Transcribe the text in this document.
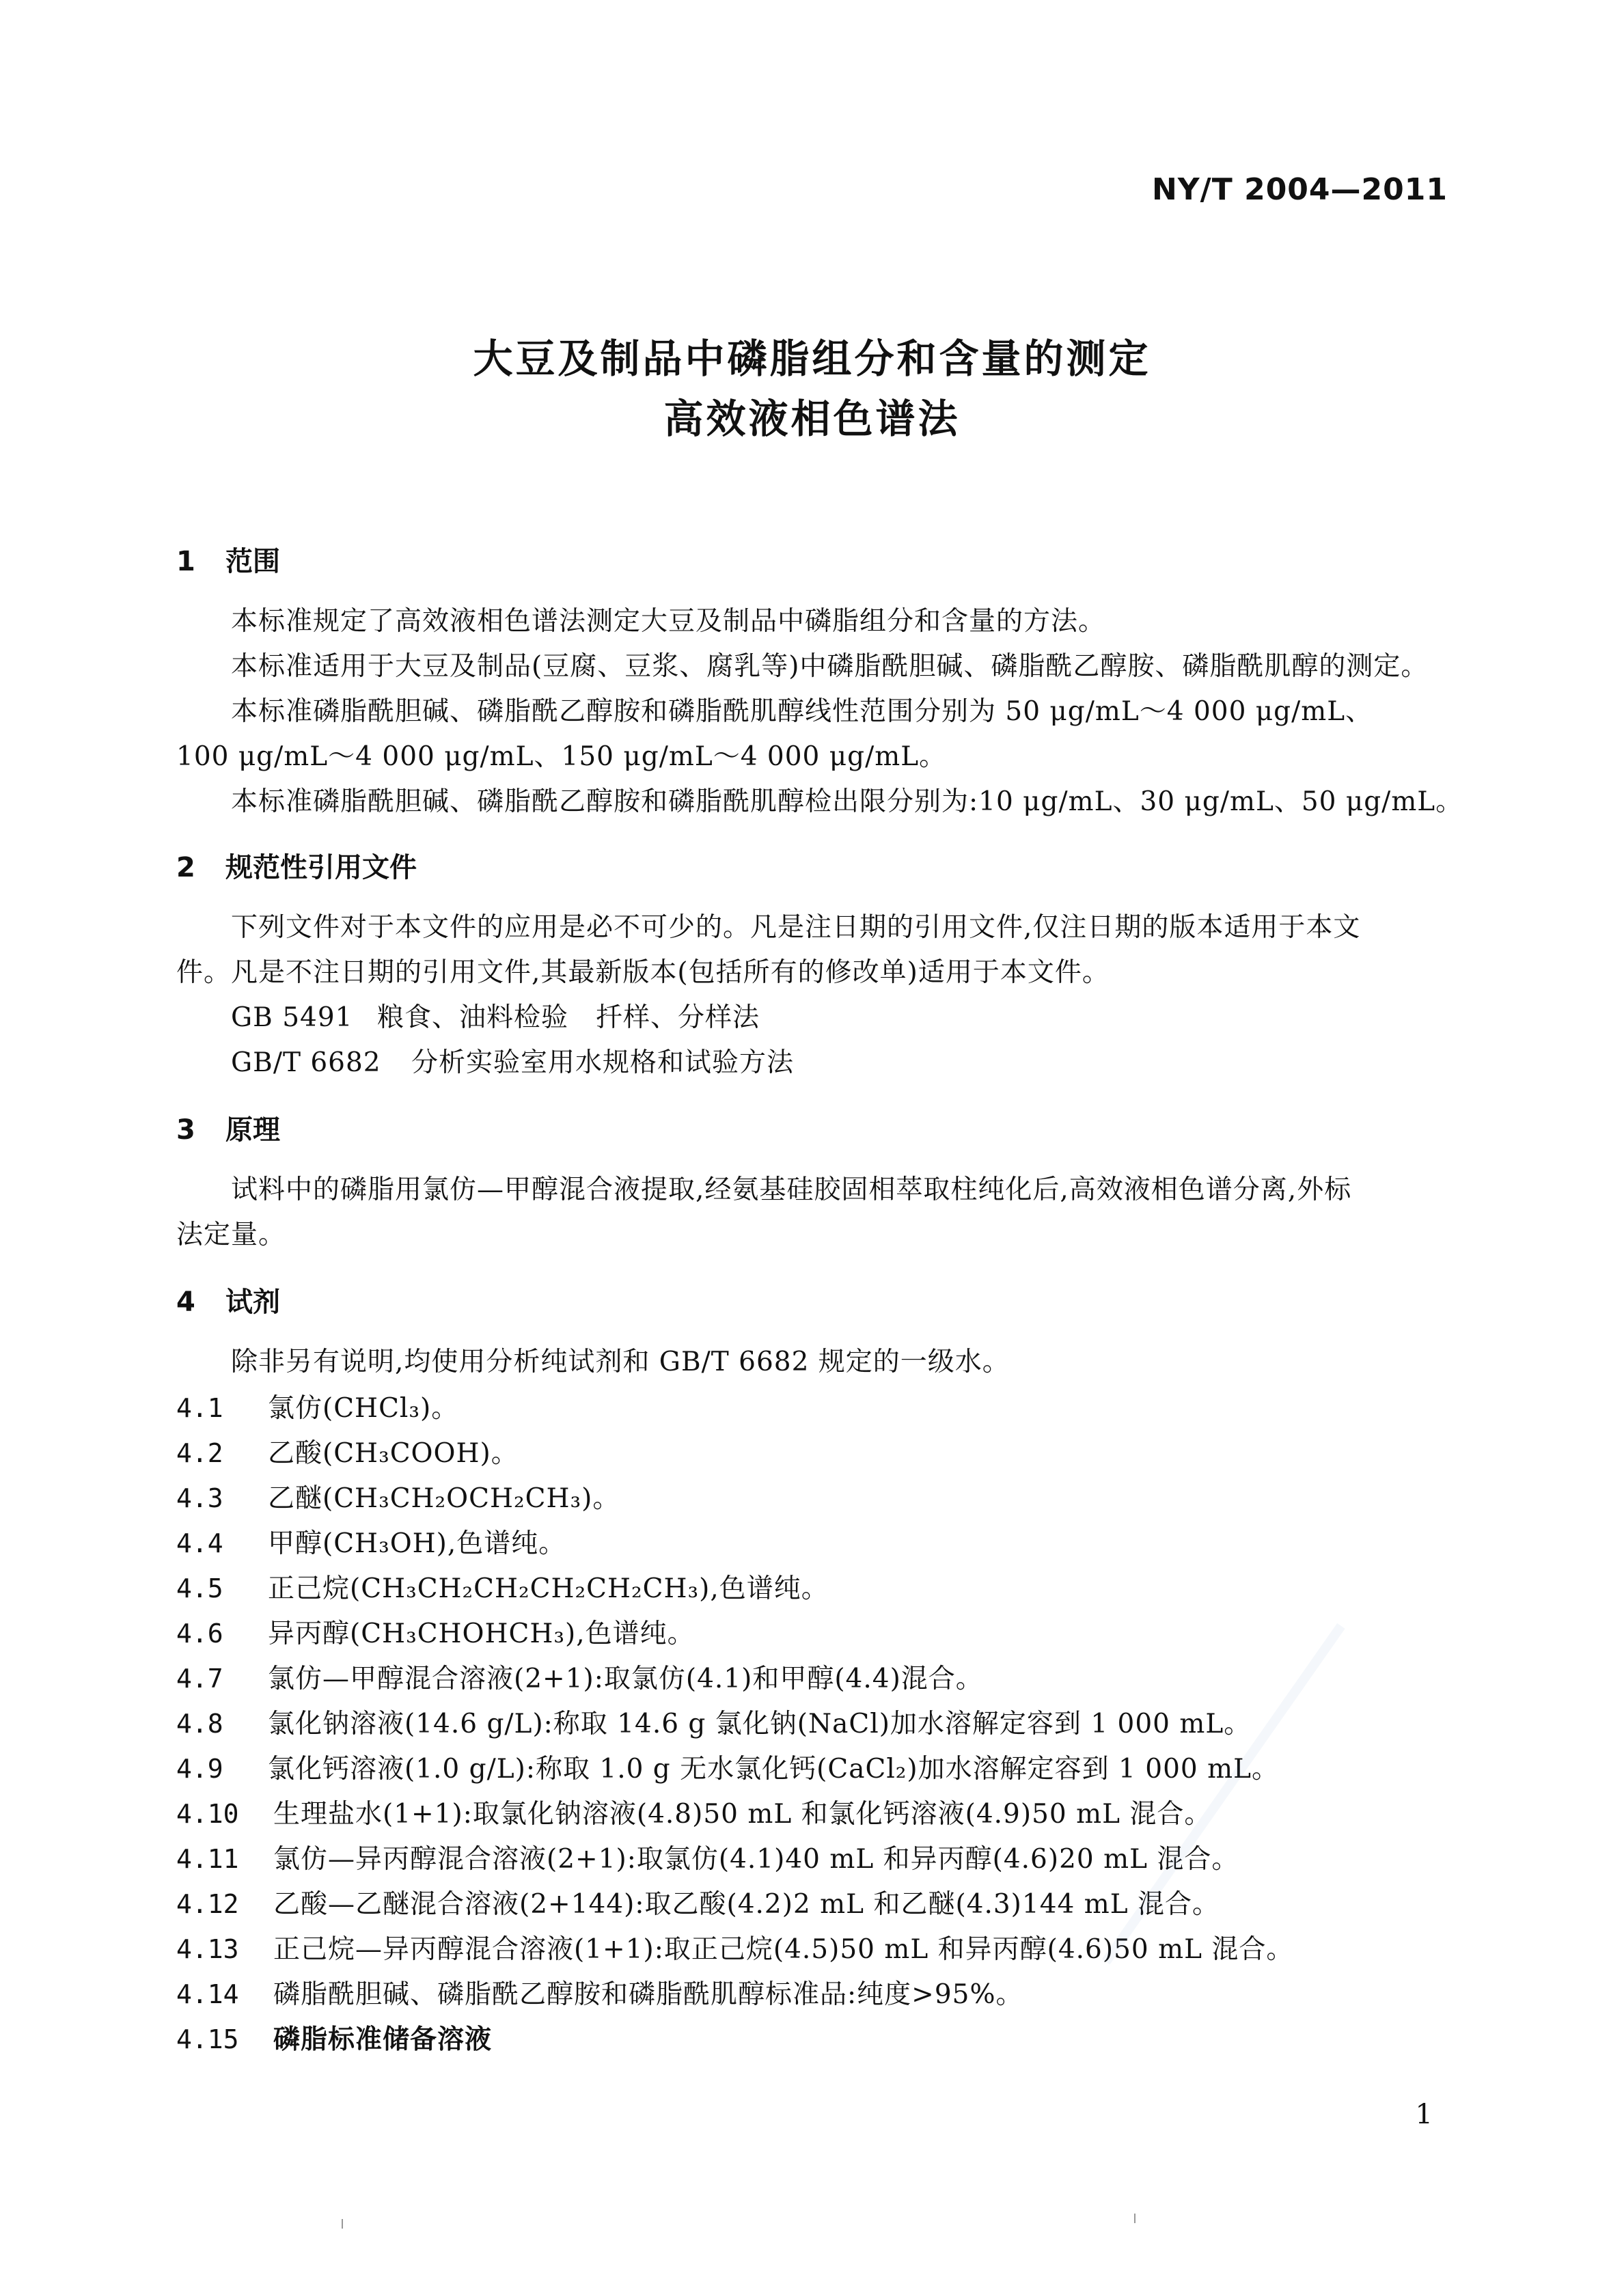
NY/T 2004—2011
大豆及制品中磷脂组分和含量的测定
高效液相色谱法
1 范围
本标准规定了高效液相色谱法测定大豆及制品中磷脂组分和含量的方法。
本标准适用于大豆及制品(豆腐、豆浆、腐乳等)中磷脂酰胆碱、磷脂酰乙醇胺、磷脂酰肌醇的测定。
本标准磷脂酰胆碱、磷脂酰乙醇胺和磷脂酰肌醇线性范围分别为 50 μg/mL～4 000 μg/mL、
100 μg/mL～4 000 μg/mL、150 μg/mL～4 000 μg/mL。
本标准磷脂酰胆碱、磷脂酰乙醇胺和磷脂酰肌醇检出限分别为:10 μg/mL、30 μg/mL、50 μg/mL。
2 规范性引用文件
下列文件对于本文件的应用是必不可少的。凡是注日期的引用文件,仅注日期的版本适用于本文
件。凡是不注日期的引用文件,其最新版本(包括所有的修改单)适用于本文件。
GB 5491 粮食、油料检验　扦样、分样法
GB/T 6682 分析实验室用水规格和试验方法
3 原理
试料中的磷脂用氯仿—甲醇混合液提取,经氨基硅胶固相萃取柱纯化后,高效液相色谱分离,外标
法定量。
4 试剂
除非另有说明,均使用分析纯试剂和 GB/T 6682 规定的一级水。
4.1 氯仿(CHCl₃)。
4.2 乙酸(CH₃COOH)。
4.3 乙醚(CH₃CH₂OCH₂CH₃)。
4.4 甲醇(CH₃OH),色谱纯。
4.5 正己烷(CH₃CH₂CH₂CH₂CH₂CH₃),色谱纯。
4.6 异丙醇(CH₃CHOHCH₃),色谱纯。
4.7 氯仿—甲醇混合溶液(2+1):取氯仿(4.1)和甲醇(4.4)混合。
4.8 氯化钠溶液(14.6 g/L):称取 14.6 g 氯化钠(NaCl)加水溶解定容到 1 000 mL。
4.9 氯化钙溶液(1.0 g/L):称取 1.0 g 无水氯化钙(CaCl₂)加水溶解定容到 1 000 mL。
4.10 生理盐水(1+1):取氯化钠溶液(4.8)50 mL 和氯化钙溶液(4.9)50 mL 混合。
4.11 氯仿—异丙醇混合溶液(2+1):取氯仿(4.1)40 mL 和异丙醇(4.6)20 mL 混合。
4.12 乙酸—乙醚混合溶液(2+144):取乙酸(4.2)2 mL 和乙醚(4.3)144 mL 混合。
4.13 正己烷—异丙醇混合溶液(1+1):取正己烷(4.5)50 mL 和异丙醇(4.6)50 mL 混合。
4.14 磷脂酰胆碱、磷脂酰乙醇胺和磷脂酰肌醇标准品:纯度>95%。
4.15 磷脂标准储备溶液
1
